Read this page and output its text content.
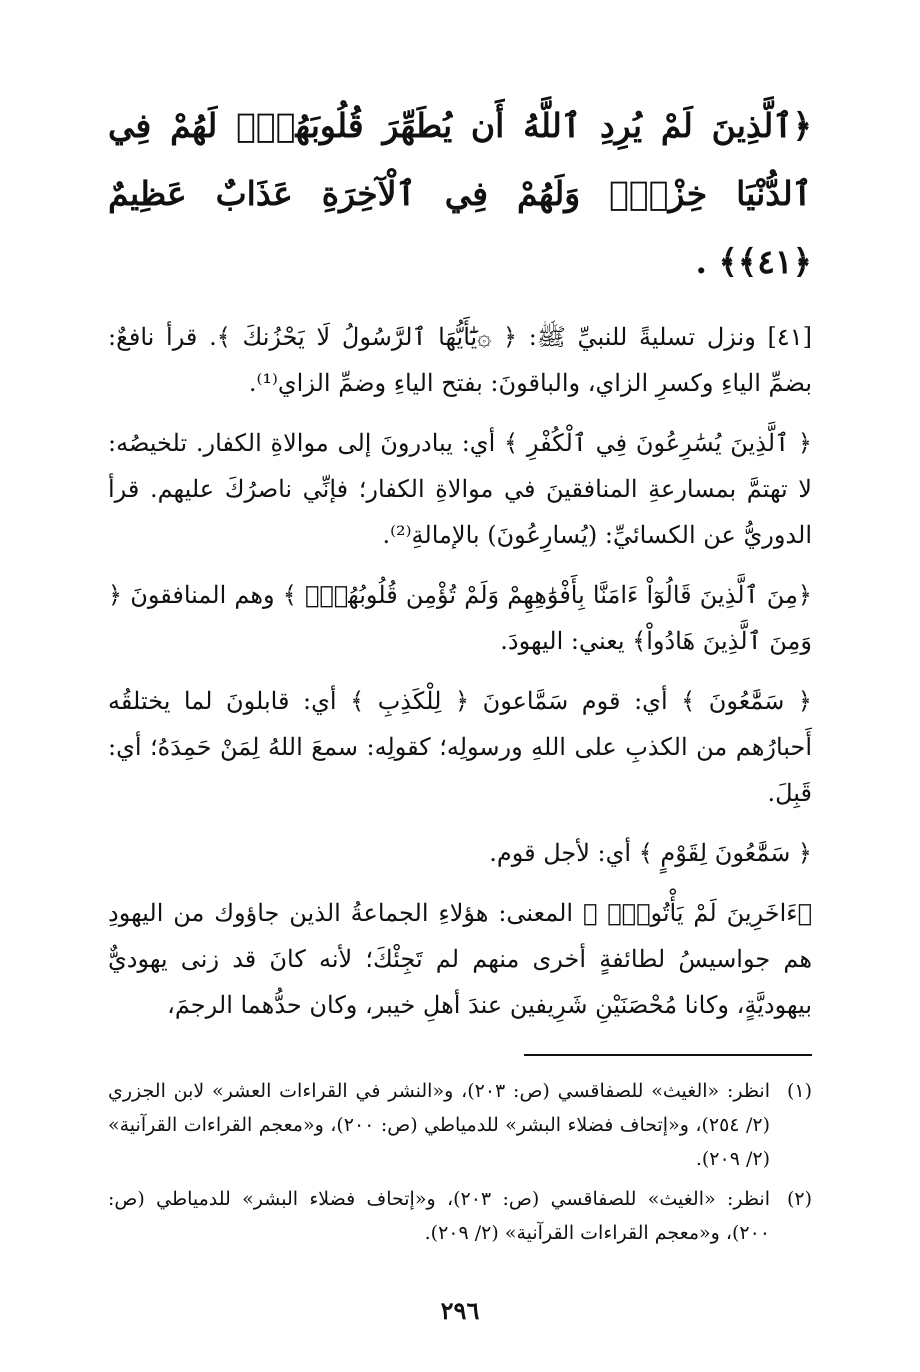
﴿ٱلَّذِينَ لَمْ يُرِدِ ٱللَّهُ أَن يُطَهِّرَ قُلُوبَهُمْۚ لَهُمْ فِي ٱلدُّنْيَا خِزْيٌۖ وَلَهُمْ فِي ٱلْآخِرَةِ عَذَابٌ عَظِيمٌ ﴿٤١﴾﴾ .

[٤١] ونزل تسليةً للنبيِّ ﷺ: ﴿ ۞يَٰٓأَيُّهَا ٱلرَّسُولُ لَا يَحْزُنكَ ﴾. قرأ نافعٌ: بضمِّ الياءِ وكسرِ الزاي، والباقونَ: بفتح الياءِ وضمِّ الزاي⁽¹⁾.

﴿ ٱلَّذِينَ يُسَٰرِعُونَ فِي ٱلْكُفْرِ ﴾ أي: يبادرونَ إلى موالاةِ الكفار. تلخيصُه: لا تهتمَّ بمسارعةِ المنافقينَ في موالاةِ الكفار؛ فإنِّي ناصرُكَ عليهم. قرأ الدوريُّ عن الكسائيِّ: (يُسارِعُونَ) بالإمالةِ⁽²⁾.

﴿مِنَ ٱلَّذِينَ قَالُوٓاْ ءَامَنَّا بِأَفْوَٰهِهِمْ وَلَمْ تُؤْمِن قُلُوبُهُمْۛ ﴾ وهم المنافقونَ ﴿ وَمِنَ ٱلَّذِينَ هَادُواْ﴾ يعني: اليهودَ.

﴿ سَمَّٰعُونَ ﴾ أي: قوم سَمَّاعونَ ﴿ لِلْكَذِبِ ﴾ أي: قابلونَ لما يختلقُه أَحبارُهم من الكذبِ على اللهِ ورسولِه؛ كقولِه: سمعَ اللهُ لِمَنْ حَمِدَهُ؛ أي: قَبِلَ.

﴿ سَمَّٰعُونَ لِقَوْمٍ ﴾ أي: لأجل قوم.

﴿ءَاخَرِينَ لَمْ يَأْتُوكَۖ ﴾ المعنى: هؤلاءِ الجماعةُ الذين جاؤوك من اليهودِ هم جواسيسُ لطائفةٍ أخرى منهم لم تَجِئْكَ؛ لأنه كانَ قد زنى يهوديٌّ بيهوديَّةٍ، وكانا مُحْصَنَيْنِ شَرِيفين عندَ أهلِ خيبر، وكان حدُّهما الرجمَ،

(١)
انظر: «الغيث» للصفاقسي (ص: ٢٠٣)، و«النشر في القراءات العشر» لابن الجزري (٢/ ٢٥٤)، و«إتحاف فضلاء البشر» للدمياطي (ص: ٢٠٠)، و«معجم القراءات القرآنية» (٢/ ٢٠٩).
(٢)
انظر: «الغيث» للصفاقسي (ص: ٢٠٣)، و«إتحاف فضلاء البشر» للدمياطي (ص: ٢٠٠)، و«معجم القراءات القرآنية» (٢/ ٢٠٩).
٢٩٦
